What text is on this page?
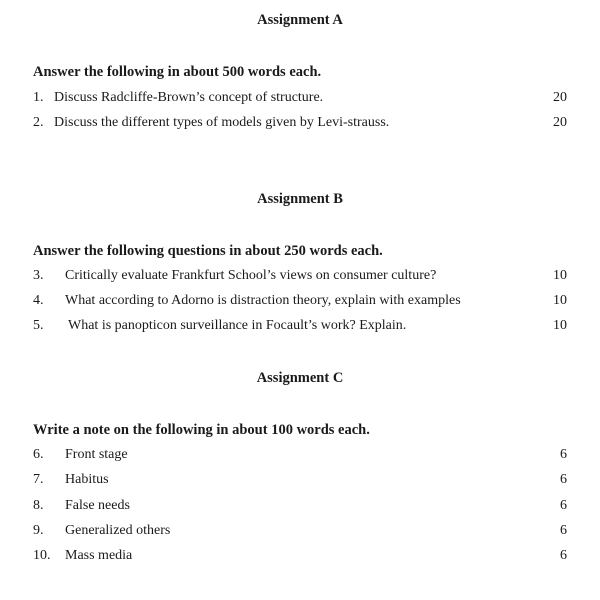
Assignment A
Answer the following in about 500 words each.
1. Discuss Radcliffe-Brown’s concept of structure.	20
2. Discuss the different types of models given by Levi-strauss.	20
Assignment B
Answer the following questions in about 250 words each.
3.	Critically evaluate Frankfurt School’s views on consumer culture?	10
4.	What according to Adorno is distraction theory, explain with examples	10
5.	What is panopticon surveillance in Focault’s work? Explain.	10
Assignment C
Write a note on the following in about 100 words each.
6.	Front stage	6
7.	Habitus	6
8.	False needs	6
9.	Generalized others	6
10.	Mass media	6
